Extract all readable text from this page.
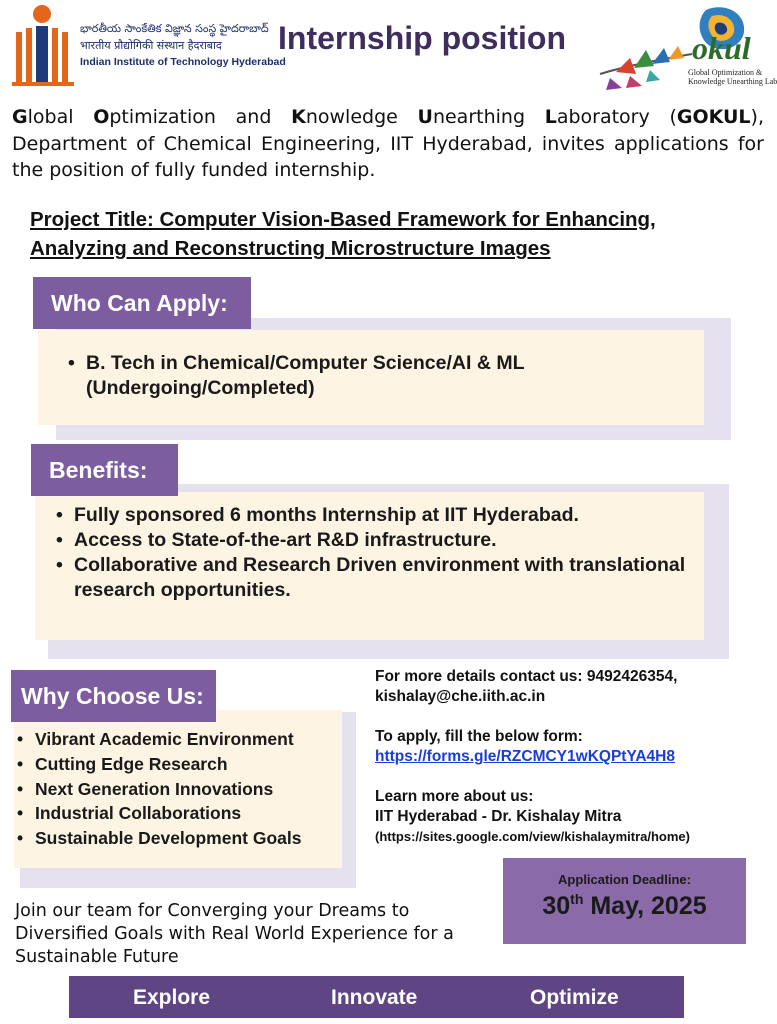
భారతీయ సాంకేతిక విజ్ఞాన సంస్థ హైదరాబాద్
भारतीय प्रौद्योगिकी संस्थान हैदराबाद
Indian Institute of Technology Hyderabad
Internship position	okul
Global Optimization &
Knowledge Unearthing Lab

Global Optimization and Knowledge Unearthing Laboratory (GOKUL), Department of Chemical Engineering, IIT Hyderabad, invites applications for the position of fully funded internship.

Project Title: Computer Vision-Based Framework for Enhancing, Analyzing and Reconstructing Microstructure Images

Who Can Apply:
• B. Tech in Chemical/Computer Science/AI & ML (Undergoing/Completed)
Benefits:
• Fully sponsored 6 months Internship at IIT Hyderabad.
• Access to State-of-the-art R&D infrastructure.
• Collaborative and Research Driven environment with translational research opportunities.
Why Choose Us:
• Vibrant Academic Environment
• Cutting Edge Research
• Next Generation Innovations
• Industrial Collaborations
• Sustainable Development Goals
For more details contact us: 9492426354,
kishalay@che.iith.ac.in
To apply, fill the below form:
https://forms.gle/RZCMCY1wKQPtYA4H8
Learn more about us:
IIT Hyderabad - Dr. Kishalay Mitra
(https://sites.google.com/view/kishalaymitra/home)
Application Deadline:
30th May, 2025

Join our team for Converging your Dreams to Diversified Goals with Real World Experience for a Sustainable Future

Explore	Innovate	Optimize
